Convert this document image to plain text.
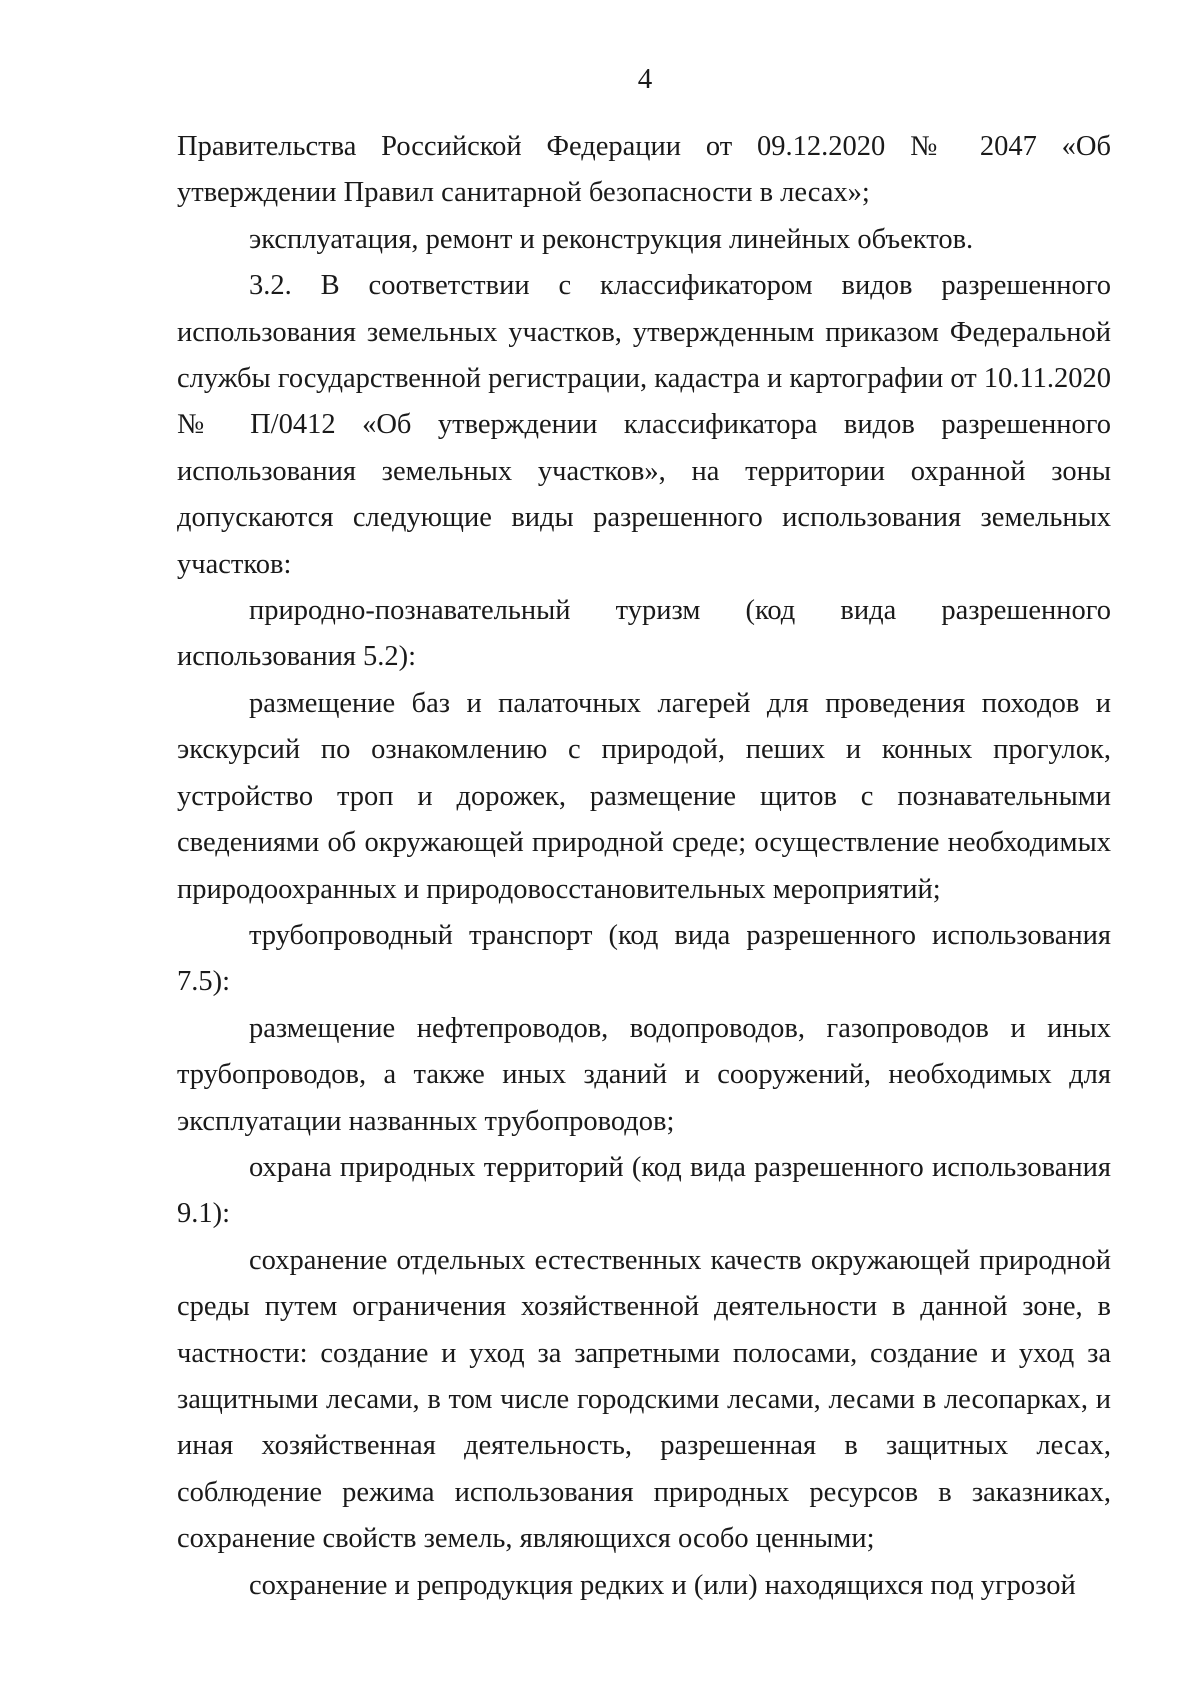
4

Правительства Российской Федерации от 09.12.2020 № 2047 «Об утверждении Правил санитарной безопасности в лесах»;

эксплуатация, ремонт и реконструкция линейных объектов.

3.2. В соответствии с классификатором видов разрешенного использования земельных участков, утвержденным приказом Федеральной службы государственной регистрации, кадастра и картографии от 10.11.2020 № П/0412 «Об утверждении классификатора видов разрешенного использования земельных участков», на территории охранной зоны допускаются следующие виды разрешенного использования земельных участков:

природно-познавательный туризм (код вида разрешенного использования 5.2):

размещение баз и палаточных лагерей для проведения походов и экскурсий по ознакомлению с природой, пеших и конных прогулок, устройство троп и дорожек, размещение щитов с познавательными сведениями об окружающей природной среде; осуществление необходимых природоохранных и природовосстановительных мероприятий;

трубопроводный транспорт (код вида разрешенного использования 7.5):

размещение нефтепроводов, водопроводов, газопроводов и иных трубопроводов, а также иных зданий и сооружений, необходимых для эксплуатации названных трубопроводов;

охрана природных территорий (код вида разрешенного использования 9.1):

сохранение отдельных естественных качеств окружающей природной среды путем ограничения хозяйственной деятельности в данной зоне, в частности: создание и уход за запретными полосами, создание и уход за защитными лесами, в том числе городскими лесами, лесами в лесопарках, и иная хозяйственная деятельность, разрешенная в защитных лесах, соблюдение режима использования природных ресурсов в заказниках, сохранение свойств земель, являющихся особо ценными;

сохранение и репродукция редких и (или) находящихся под угрозой
